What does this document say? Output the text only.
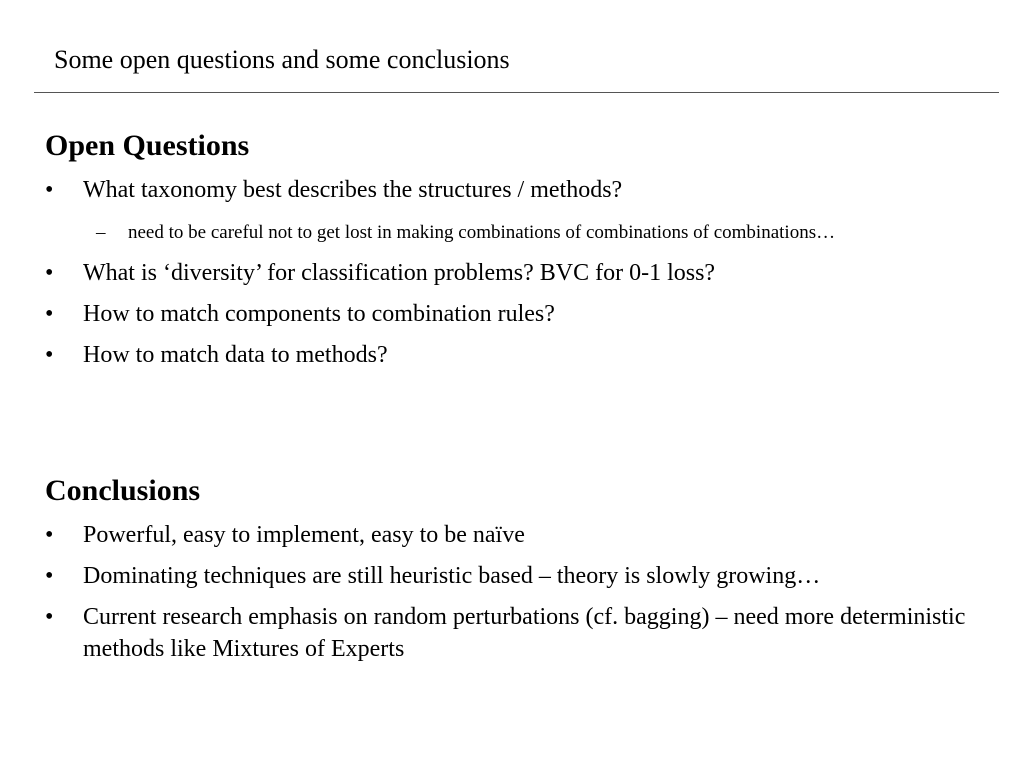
Some open questions and some conclusions
Open Questions
•	What taxonomy best describes the structures / methods?
– need to be careful not to get lost in making combinations of combinations of combinations…
•	What is ‘diversity’ for classification problems? BVC for 0-1 loss?
•	How to match components to combination rules?
•	How to match data to methods?
Conclusions
•	Powerful, easy to implement, easy to be naïve
•	Dominating techniques are still heuristic based – theory is slowly growing…
•	Current research emphasis on random perturbations (cf. bagging) – need more deterministic methods like Mixtures of Experts
